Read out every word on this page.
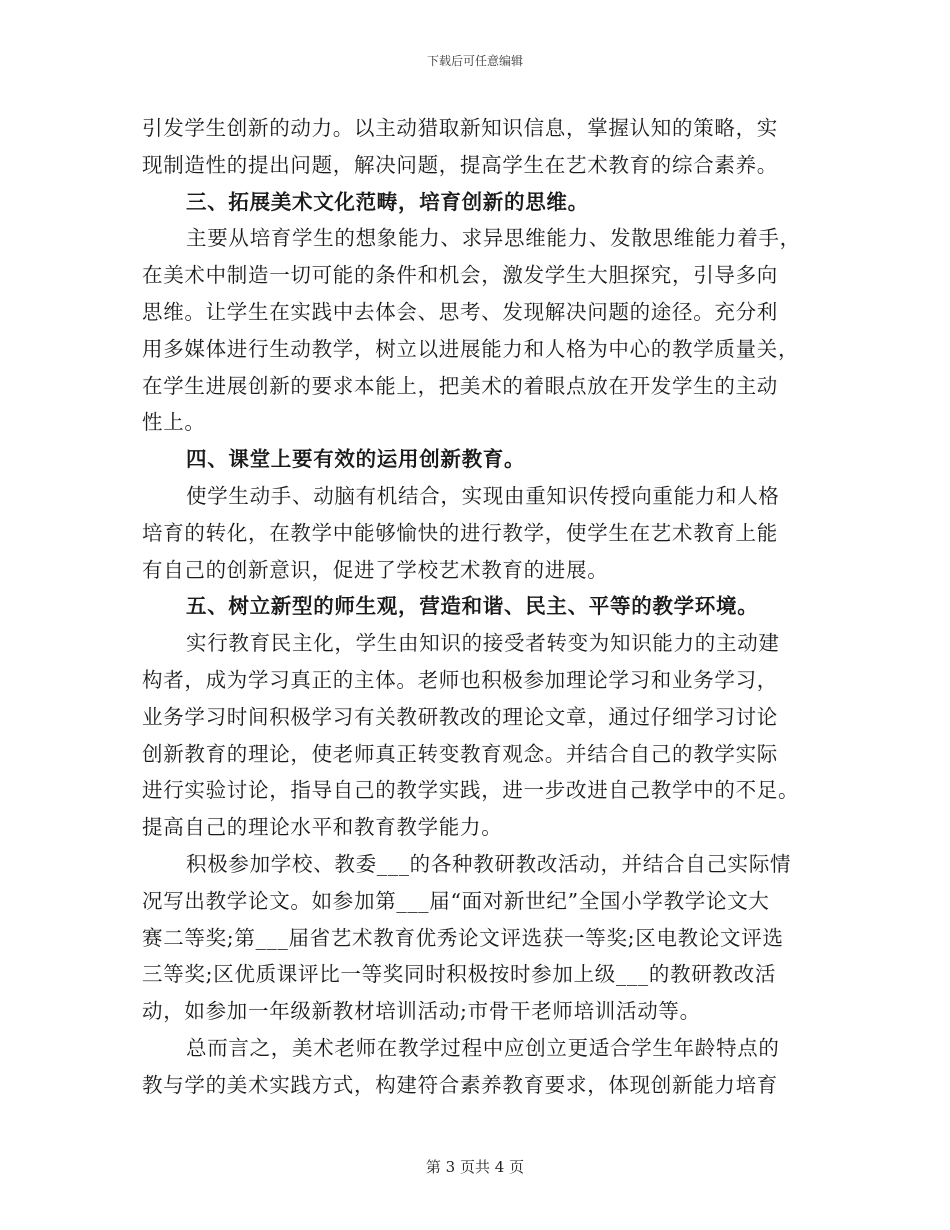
下载后可任意编辑
引发学生创新的动力。以主动猎取新知识信息，掌握认知的策略，实
现制造性的提出问题，解决问题，提高学生在艺术教育的综合素养。
三、拓展美术文化范畴，培育创新的思维。
主要从培育学生的想象能力、求异思维能力、发散思维能力着手，
在美术中制造一切可能的条件和机会，激发学生大胆探究，引导多向
思维。让学生在实践中去体会、思考、发现解决问题的途径。充分利
用多媒体进行生动教学，树立以进展能力和人格为中心的教学质量关，
在学生进展创新的要求本能上，把美术的着眼点放在开发学生的主动
性上。
四、课堂上要有效的运用创新教育。
使学生动手、动脑有机结合，实现由重知识传授向重能力和人格
培育的转化，在教学中能够愉快的进行教学，使学生在艺术教育上能
有自己的创新意识，促进了学校艺术教育的进展。
五、树立新型的师生观，营造和谐、民主、平等的教学环境。
实行教育民主化，学生由知识的接受者转变为知识能力的主动建
构者，成为学习真正的主体。老师也积极参加理论学习和业务学习，
业务学习时间积极学习有关教研教改的理论文章，通过仔细学习讨论
创新教育的理论，使老师真正转变教育观念。并结合自己的教学实际
进行实验讨论，指导自己的教学实践，进一步改进自己教学中的不足。
提高自己的理论水平和教育教学能力。
积极参加学校、教委___的各种教研教改活动，并结合自己实际情
况写出教学论文。如参加第___届“面对新世纪”全国小学教学论文大
赛二等奖;第___届省艺术教育优秀论文评选获一等奖;区电教论文评选
三等奖;区优质课评比一等奖同时积极按时参加上级___的教研教改活
动，如参加一年级新教材培训活动;市骨干老师培训活动等。
总而言之，美术老师在教学过程中应创立更适合学生年龄特点的
教与学的美术实践方式，构建符合素养教育要求，体现创新能力培育
第 3 页共 4 页
